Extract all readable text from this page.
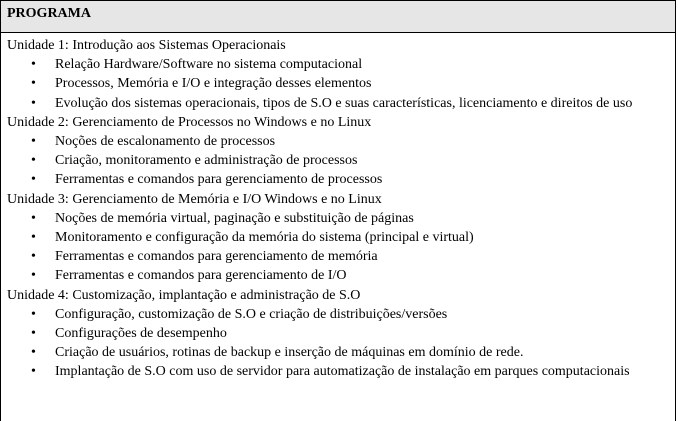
PROGRAMA
Unidade 1: Introdução aos Sistemas Operacionais
• Relação Hardware/Software no sistema computacional
• Processos, Memória e I/O e integração desses elementos
• Evolução dos sistemas operacionais, tipos de S.O e suas características, licenciamento e direitos de uso
Unidade 2: Gerenciamento de Processos no Windows e no Linux
• Noções de escalonamento de processos
• Criação, monitoramento e administração de processos
• Ferramentas e comandos para gerenciamento de processos
Unidade 3: Gerenciamento de Memória e I/O Windows e no Linux
• Noções de memória virtual, paginação e substituição de páginas
• Monitoramento e configuração da memória do sistema (principal e virtual)
• Ferramentas e comandos para gerenciamento de memória
• Ferramentas e comandos para gerenciamento de I/O
Unidade 4: Customização, implantação e administração de S.O
• Configuração, customização de S.O e criação de distribuições/versões
• Configurações de desempenho
• Criação de usuários, rotinas de backup e inserção de máquinas em domínio de rede.
• Implantação de S.O com uso de servidor para automatização de instalação em parques computacionais
